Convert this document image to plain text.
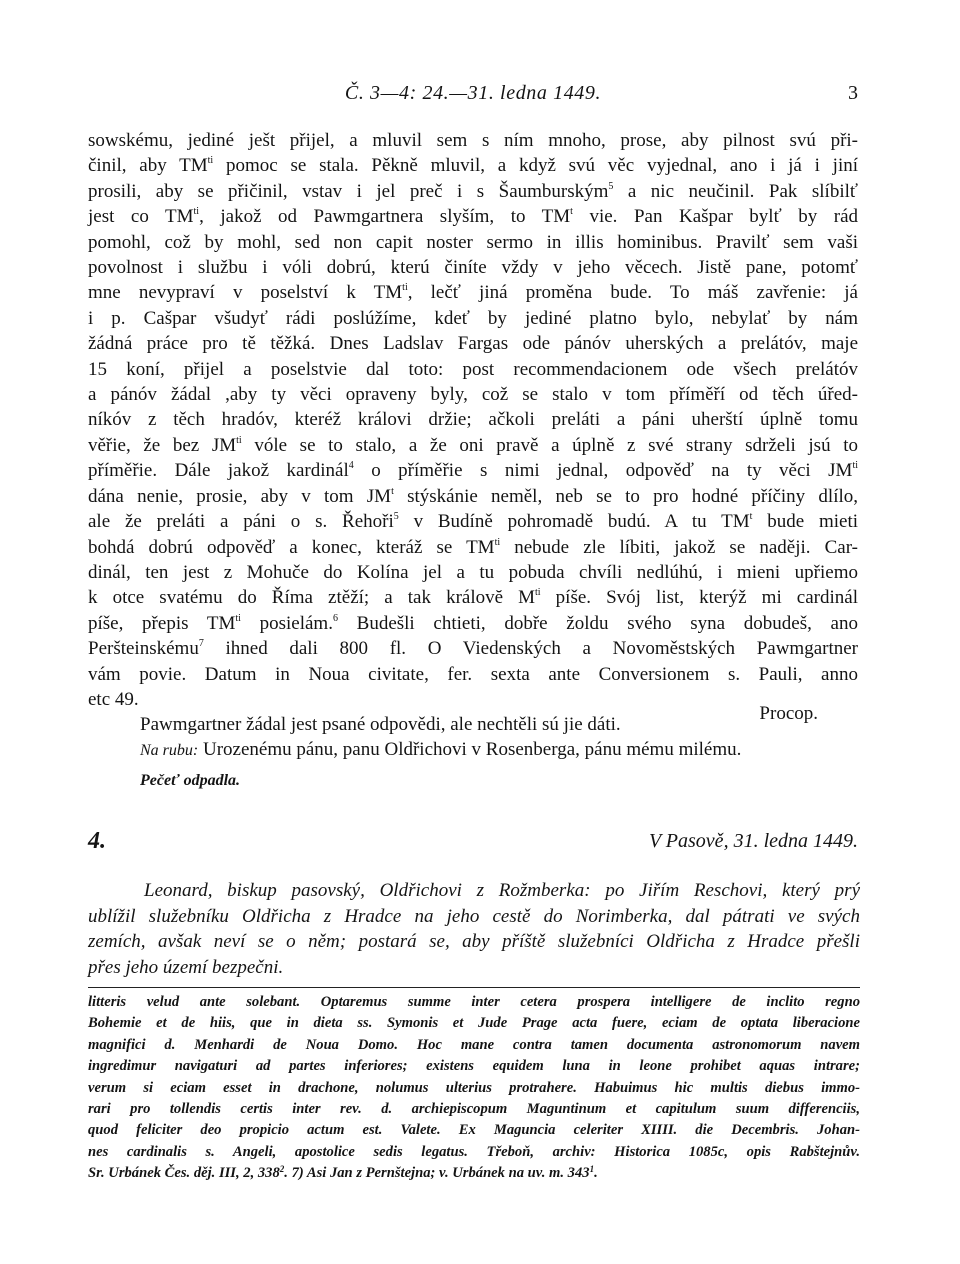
Č. 3—4: 24.—31. ledna 1449.	3
sowskému, jediné ješt přijel, a mluvil sem s ním mnoho, prose, aby pilnost svú při-
činil, aby $TM^{ti}$ pomoc se stala. Pěkně mluvil, a když svú věc vyjednal, ano i já i jiní
prosili, aby se přičinil, vstav i jel preč i s Šaumburským$^5$ a nic neučinil. Pak slíbilť
jest co $TM^{ti}$, jakož od Pawmgartnera slyším, to $TM^t$ vie. Pan Kašpar bylť by rád
pomohl, což by mohl, sed non capit noster sermo in illis hominibus. Pravilť sem vaši
povolnost i službu i vóli dobrú, kterú činíte vždy v jeho věcech. Jistě pane, potomť
mne nevypraví v poselství k $TM^{ti}$, lečť jiná proměna bude. To máš zavřenie: já
i p. Cašpar všudyť rádi poslúžíme, kdeť by jediné platno bylo, nebylať by nám
žádná práce pro tě těžká. Dnes Ladslav Fargas ode pánóv uherských a prelátóv, maje
15 koní, přijel a poselstvie dal toto: post recommendacionem ode všech prelátóv
a pánóv žádal ,aby ty věci opraveny byly, což se stalo v tom příměří od těch úřed-
níkóv z těch hradóv, kteréž královi držie; ačkoli preláti a páni uherští úplně tomu
věřie, že bez $JM^{ti}$ vóle se to stalo, a že oni pravě a úplně z své strany sdrželi jsú to
příměřie. Dále jakož kardinál$^4$ o příměřie s nimi jednal, odpověď na ty věci $JM^{ti}$
dána nenie, prosie, aby v tom $JM^t$ stýskánie neměl, neb se to pro hodné příčiny dlílo,
ale že preláti a páni o s. Řehoři$^5$ v Budíně pohromadě budú. A tu $TM^t$ bude mieti
bohdá dobrú odpověď a konec, kteráž se $TM^{ti}$ nebude zle líbiti, jakož se naději. Car-
dinál, ten jest z Mohuče do Kolína jel a tu pobuda chvíli nedlúhú, i mieni upřiemo
k otce svatému do Říma ztěží; a tak královĕ $M^{ti}$ píše. Svój list, kterýž mi cardinál
píše, přepis $TM^{ti}$ posielám.$^6$ Budešli chtieti, dobře žoldu svého syna dobudeš, ano
Peršteinskému$^7$ ihned dali 800 fl. O Viedenských a Novoměstských Pawmgartner
vám povie. Datum in Noua civitate, fer. sexta ante Conversionem s. Pauli, anno
etc 49.
Procop.
Pawmgartner žádal jest psané odpovědi, ale nechtěli sú jie dáti.
Na rubu: Urozenému pánu, panu Oldřichovi v Rosenberga, pánu mému milému.
Pečeť odpadla.
4.	V Pasově, 31. ledna 1449.
Leonard, biskup pasovský, Oldřichovi z Rožmberka: po Jiřím Reschovi, který prý
ublížil služebníku Oldřicha z Hradce na jeho cestě do Norimberka, dal pátrati ve svých
zemích, avšak neví se o něm; postará se, aby příště služebníci Oldřicha z Hradce přešli
přes jeho území bezpečni.
litteris velud ante solebant. Optaremus summe inter cetera prospera intelligere de inclito regno
Bohemie et de hiis, que in dieta ss. Symonis et Jude Prage acta fuere, eciam de optata liberacione
magnifici d. Menhardi de Noua Domo. Hoc mane contra tamen documenta astronomorum navem
ingredimur navigaturi ad partes inferiores; existens equidem luna in leone prohibet aquas intrare;
verum si eciam esset in drachone, nolumus ulterius protrahere. Habuimus hic multis diebus immo-
rari pro tollendis certis inter rev. d. archiepiscopum Maguntinum et capitulum suum differenciis,
quod feliciter deo propicio actum est. Valete. Ex Maguncia celeriter XIIII. die Decembris. Johan-
nes cardinalis s. Angeli, apostolice sedis legatus. Třeboň, archiv: Historica 1085c, opis Rabštejnův.
Sr. Urbánek Čes. děj. III, 2, 338$^2$. 7) Asi Jan z Pernštejna; v. Urbánek na uv. m. 343$^1$.
